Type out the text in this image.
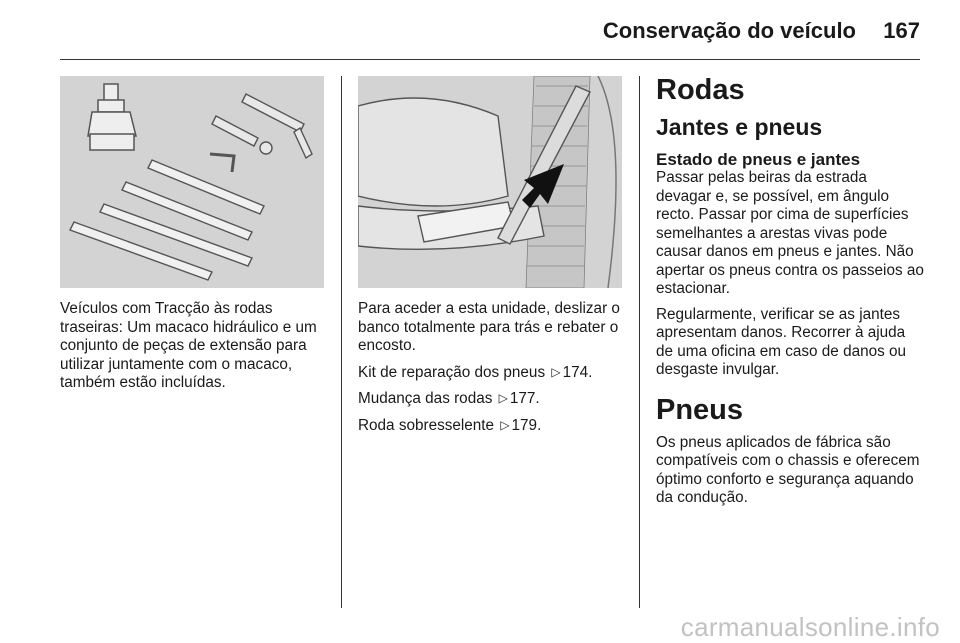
Conservação do veículo	167

Veículos com Tracção às rodas traseiras: Um macaco hidráulico e um conjunto de peças de extensão para utilizar juntamente com o macaco, também estão incluídas.

Para aceder a esta unidade, deslizar o banco totalmente para trás e rebater o encosto.

Kit de reparação dos pneus ▷ 174.

Mudança das rodas ▷ 177.

Roda sobresselente ▷ 179.

Rodas
Jantes e pneus
Estado de pneus e jantes

Passar pelas beiras da estrada devagar e, se possível, em ângulo recto. Passar por cima de superfícies semelhantes a arestas vivas pode causar danos em pneus e jantes. Não apertar os pneus contra os passeios ao estacionar.

Regularmente, verificar se as jantes apresentam danos. Recorrer à ajuda de uma oficina em caso de danos ou desgaste invulgar.

Pneus

Os pneus aplicados de fábrica são compatíveis com o chassis e oferecem óptimo conforto e segurança aquando da condução.

carmanualsonline.info
